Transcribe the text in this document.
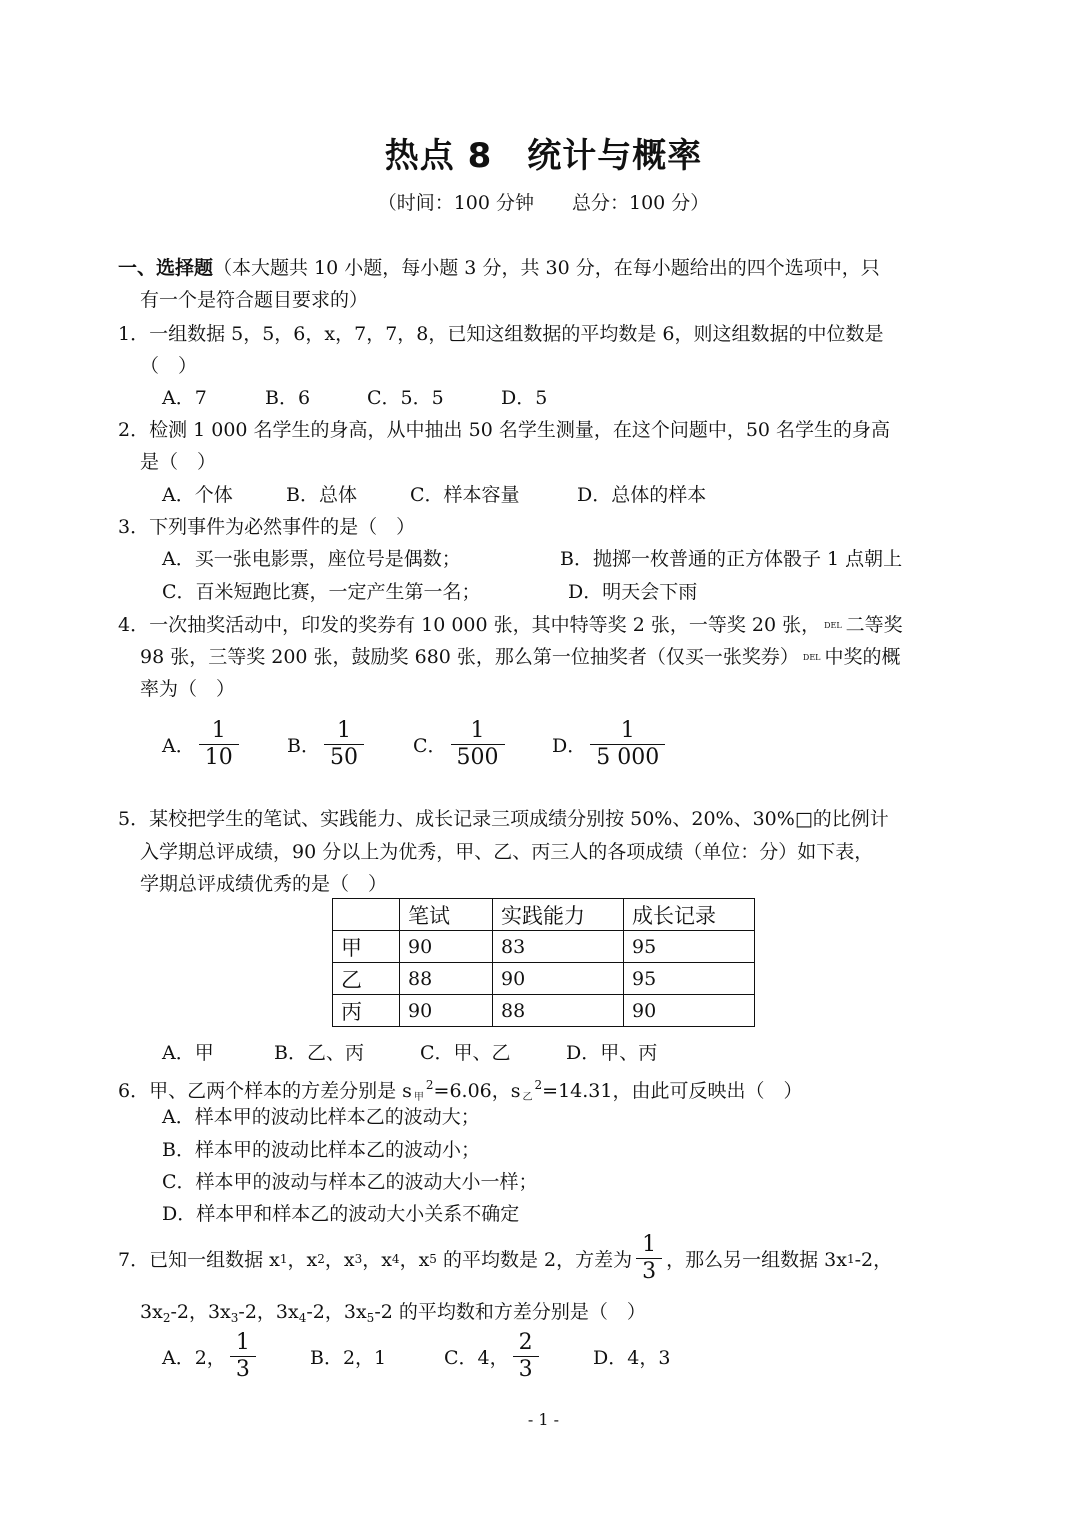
热点 8　统计与概率
（时间：100 分钟　　总分：100 分）
一、选择题（本大题共 10 小题，每小题 3 分，共 30 分，在每小题给出的四个选项中，只
有一个是符合题目要求的）
1．一组数据 5，5，6，x，7，7，8，已知这组数据的平均数是 6，则这组数据的中位数是
（　）
A．7	B．6	C．5．5	D．5
2．检测 1 000 名学生的身高，从中抽出 50 名学生测量，在这个问题中，50 名学生的身高
是（　）
A．个体	B．总体	C．样本容量	D．总体的样本
3．下列事件为必然事件的是（　）
A．买一张电影票，座位号是偶数；	B．抛掷一枚普通的正方体骰子 1 点朝上
C．百米短跑比赛，一定产生第一名；	D．明天会下雨
4．一次抽奖活动中，印发的奖券有 10 000 张，其中特等奖 2 张，一等奖 20 张， DEL 二等奖
98 张，三等奖 200 张，鼓励奖 680 张，那么第一位抽奖者（仅买一张奖券） DEL 中奖的概
率为（　）
A． $\frac{1}{10}$	B． $\frac{1}{50}$	C． $\frac{1}{500}$ D． $\frac{1}{5 000}$
5．某校把学生的笔试、实践能力、成长记录三项成绩分别按 50%、20%、30%□的比例计
入学期总评成绩，90 分以上为优秀，甲、乙、丙三人的各项成绩（单位：分）如下表，
学期总评成绩优秀的是（　）
	笔试	实践能力	成长记录
甲	90	83	95
乙	88	90	95
丙	90	88	90
A．甲	B．乙、丙	C．甲、乙	D．甲、丙
6．甲、乙两个样本的方差分别是 s 甲$^2$=6.06，s 乙$^2$=14.31，由此可反映出（　）
A．样本甲的波动比样本乙的波动大；
B．样本甲的波动比样本乙的波动小；
C．样本甲的波动与样本乙的波动大小一样；
D．样本甲和样本乙的波动大小关系不确定
7．已知一组数据 x 1 ，x 2 ，x 3 ，x 4 ，x 5 的平均数是 2，方差为 $\frac{1}{3}$ ，那么另一组数据 3x 1 -2，
$3x_2-2$，$3x_3-2$，$3x_4-2$，$3x_5-2$ 的平均数和方差分别是（　）
A．2， $\frac{1}{3}$	B．2，1	C．4， $\frac{2}{3}$	D．4，3
- 1 -
